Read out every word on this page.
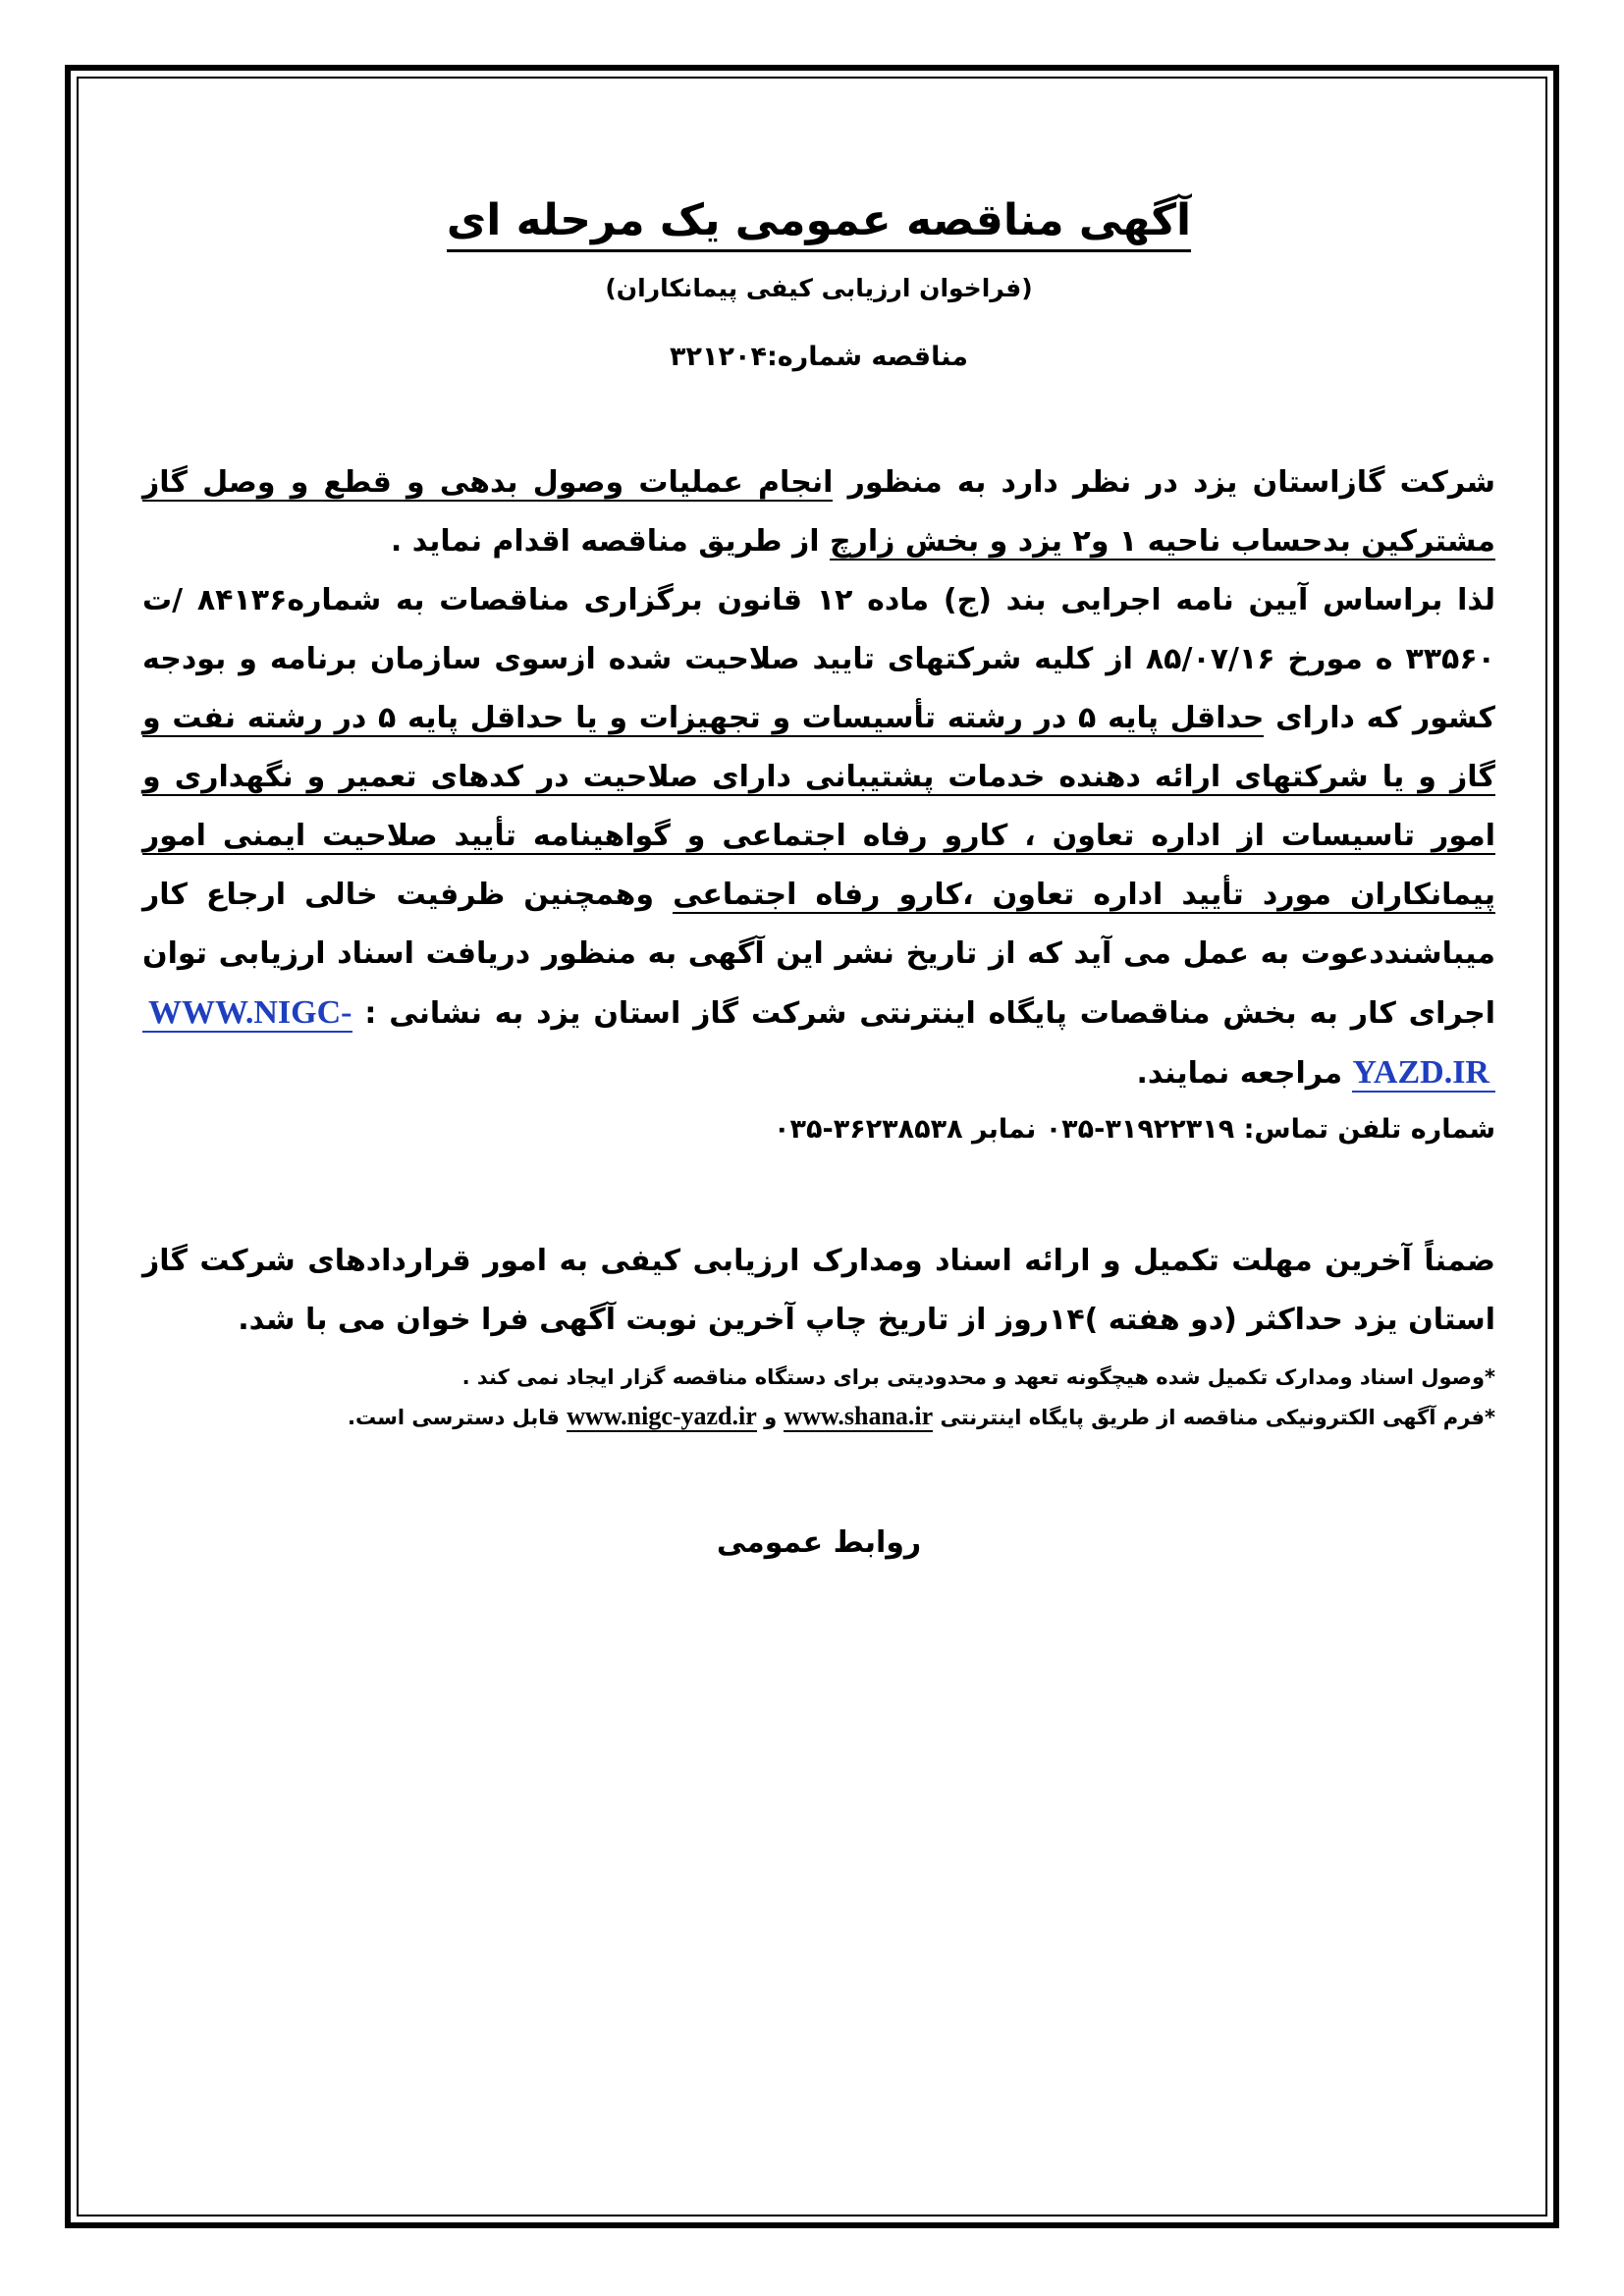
آگهی مناقصه عمومی یک مرحله ای
(فراخوان ارزیابی کیفی پیمانکاران)
مناقصه شماره:۳۲۱۲۰۴

شرکت گازاستان یزد در نظر دارد به منظور انجام عملیات وصول بدهی و قطع و وصل گاز مشترکین بدحساب ناحیه ۱ و۲ یزد و بخش زارچ از طریق مناقصه اقدام نماید .

لذا براساس آیین نامه اجرایی بند (ج) ماده ۱۲ قانون برگزاری مناقصات به شماره۸۴۱۳۶ /ت ۳۳۵۶۰ ه مورخ ۸۵/۰۷/۱۶ از کلیه شرکتهای تایید صلاحیت شده ازسوی سازمان برنامه و بودجه کشور که دارای حداقل پایه ۵ در رشته تأسیسات و تجهیزات و یا حداقل پایه ۵ در رشته نفت و گاز و یا شرکتهای ارائه دهنده خدمات پشتیبانی دارای صلاحیت در کدهای تعمیر و نگهداری و امور تاسیسات از اداره تعاون ، کارو رفاه اجتماعی و گواهینامه تأیید صلاحیت ایمنی امور پیمانکاران مورد تأیید اداره تعاون ،کارو رفاه اجتماعی وهمچنین ظرفیت خالی ارجاع کار میباشنددعوت به عمل می آید که از تاریخ نشر این آگهی به منظور دریافت اسناد ارزیابی توان اجرای کار به بخش مناقصات پایگاه اینترنتی شرکت گاز استان یزد به نشانی : WWW.NIGC-YAZD.IR مراجعه نمایند.

شماره تلفن تماس: ۳۱۹۲۲۳۱۹-۰۳۵ نمابر ۳۶۲۳۸۵۳۸-۰۳۵

ضمناً آخرین مهلت تکمیل و ارائه اسناد ومدارک ارزیابی کیفی به امور قراردادهای شرکت گاز استان یزد حداکثر (دو هفته )۱۴روز از تاریخ چاپ آخرین نوبت آگهی فرا خوان می با شد.

*وصول اسناد ومدارک تکمیل شده هیچگونه تعهد و محدودیتی برای دستگاه مناقصه گزار ایجاد نمی کند .

*فرم آگهی الکترونیکی مناقصه از طریق پایگاه اینترنتی www.shana.ir و www.nigc-yazd.ir قابل دسترسی است.

روابط عمومی
